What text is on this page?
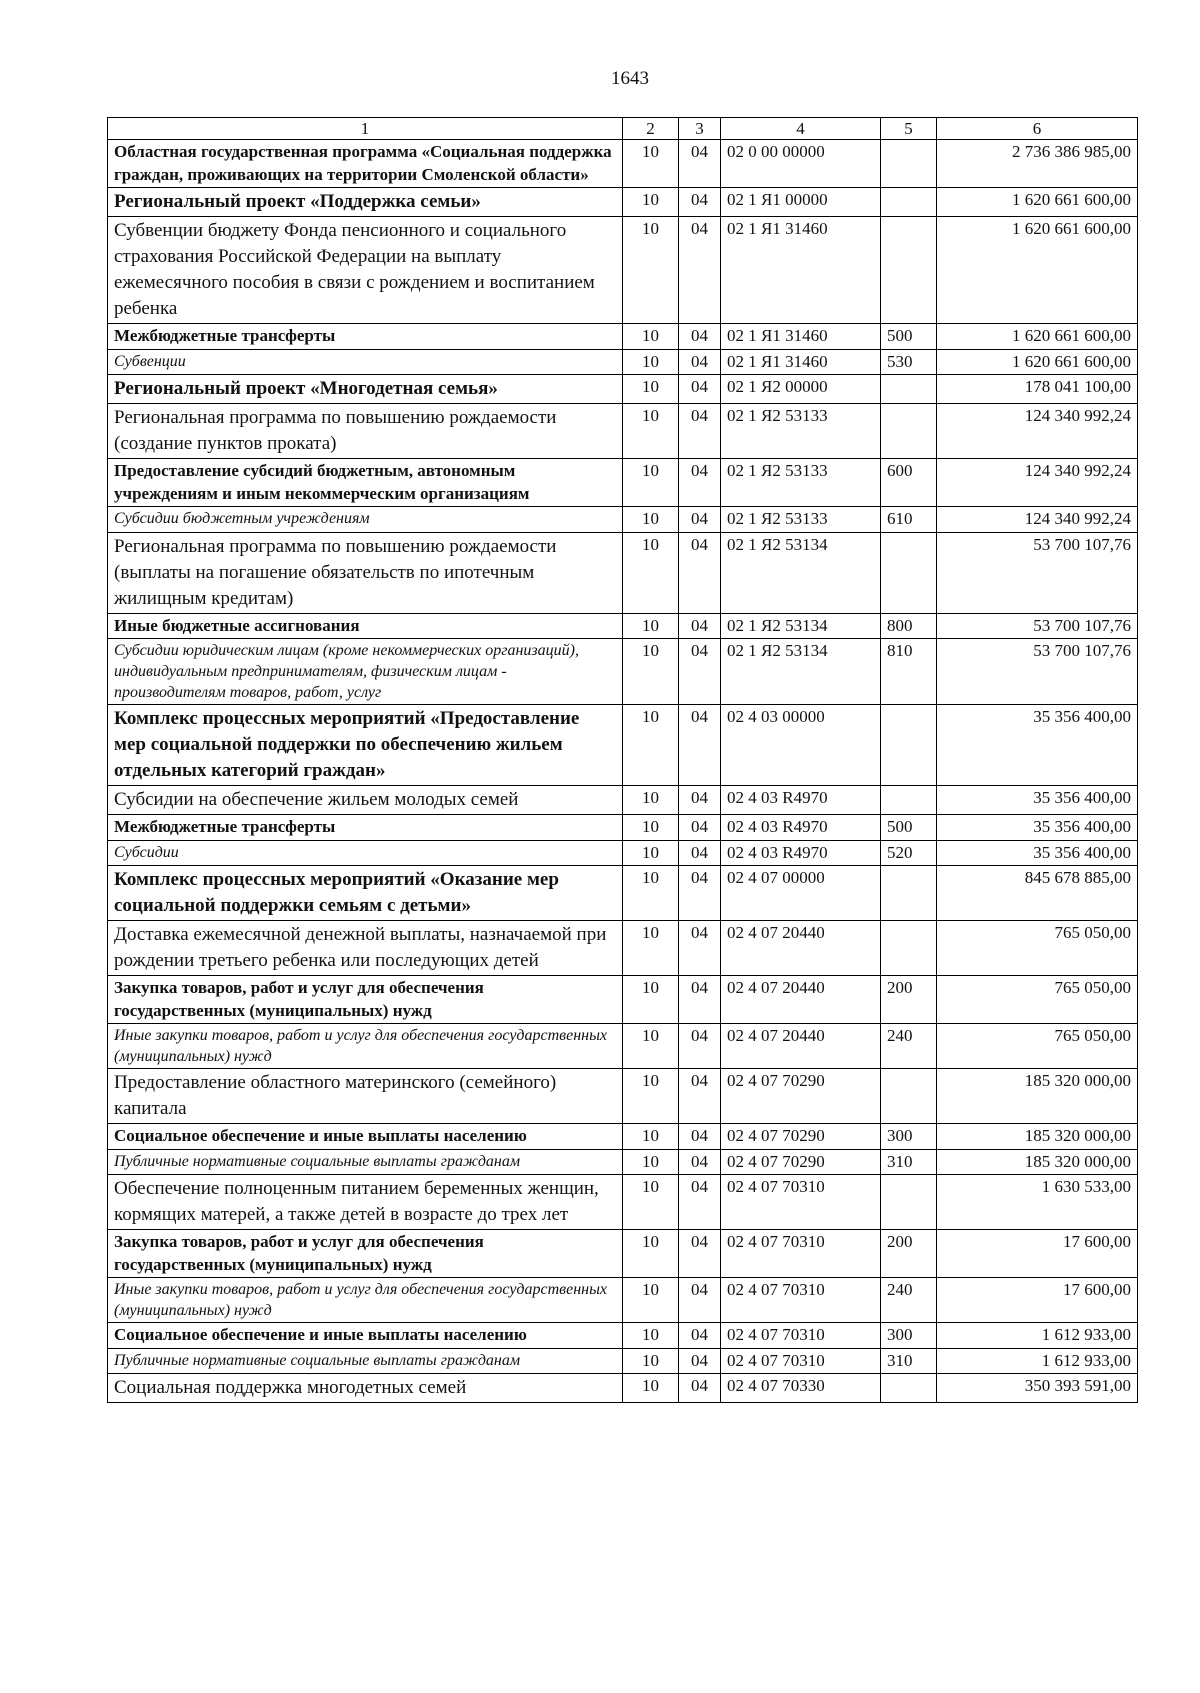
1643
1	2	3	4	5	6
Областная государственная программа «Социальная поддержка граждан, проживающих на территории Смоленской области»	10	04	02 0 00 00000		2 736 386 985,00
Региональный проект «Поддержка семьи»	10	04	02 1 Я1 00000		1 620 661 600,00
Субвенции бюджету Фонда пенсионного и социального страхования Российской Федерации на выплату ежемесячного пособия в связи с рождением и воспитанием ребенка	10	04	02 1 Я1 31460		1 620 661 600,00
Межбюджетные трансферты	10	04	02 1 Я1 31460	500	1 620 661 600,00
Субвенции	10	04	02 1 Я1 31460	530	1 620 661 600,00
Региональный проект «Многодетная семья»	10	04	02 1 Я2 00000		178 041 100,00
Региональная программа по повышению рождаемости (создание пунктов проката)	10	04	02 1 Я2 53133		124 340 992,24
Предоставление субсидий бюджетным, автономным учреждениям и иным некоммерческим организациям	10	04	02 1 Я2 53133	600	124 340 992,24
Субсидии бюджетным учреждениям	10	04	02 1 Я2 53133	610	124 340 992,24
Региональная программа по повышению рождаемости (выплаты на погашение обязательств по ипотечным жилищным кредитам)	10	04	02 1 Я2 53134		53 700 107,76
Иные бюджетные ассигнования	10	04	02 1 Я2 53134	800	53 700 107,76
Субсидии юридическим лицам (кроме некоммерческих организаций), индивидуальным предпринимателям, физическим лицам - производителям товаров, работ, услуг	10	04	02 1 Я2 53134	810	53 700 107,76
Комплекс процессных мероприятий «Предоставление мер социальной поддержки по обеспечению жильем отдельных категорий граждан»	10	04	02 4 03 00000		35 356 400,00
Субсидии на обеспечение жильем молодых семей	10	04	02 4 03 R4970		35 356 400,00
Межбюджетные трансферты	10	04	02 4 03 R4970	500	35 356 400,00
Субсидии	10	04	02 4 03 R4970	520	35 356 400,00
Комплекс процессных мероприятий «Оказание мер социальной поддержки семьям с детьми»	10	04	02 4 07 00000		845 678 885,00
Доставка ежемесячной денежной выплаты, назначаемой при рождении третьего ребенка или последующих детей	10	04	02 4 07 20440		765 050,00
Закупка товаров, работ и услуг для обеспечения государственных (муниципальных) нужд	10	04	02 4 07 20440	200	765 050,00
Иные закупки товаров, работ и услуг для обеспечения государственных (муниципальных) нужд	10	04	02 4 07 20440	240	765 050,00
Предоставление областного материнского (семейного) капитала	10	04	02 4 07 70290		185 320 000,00
Социальное обеспечение и иные выплаты населению	10	04	02 4 07 70290	300	185 320 000,00
Публичные нормативные социальные выплаты гражданам	10	04	02 4 07 70290	310	185 320 000,00
Обеспечение полноценным питанием беременных женщин, кормящих матерей, а также детей в возрасте до трех лет	10	04	02 4 07 70310		1 630 533,00
Закупка товаров, работ и услуг для обеспечения государственных (муниципальных) нужд	10	04	02 4 07 70310	200	17 600,00
Иные закупки товаров, работ и услуг для обеспечения государственных (муниципальных) нужд	10	04	02 4 07 70310	240	17 600,00
Социальное обеспечение и иные выплаты населению	10	04	02 4 07 70310	300	1 612 933,00
Публичные нормативные социальные выплаты гражданам	10	04	02 4 07 70310	310	1 612 933,00
Социальная поддержка многодетных семей	10	04	02 4 07 70330		350 393 591,00
